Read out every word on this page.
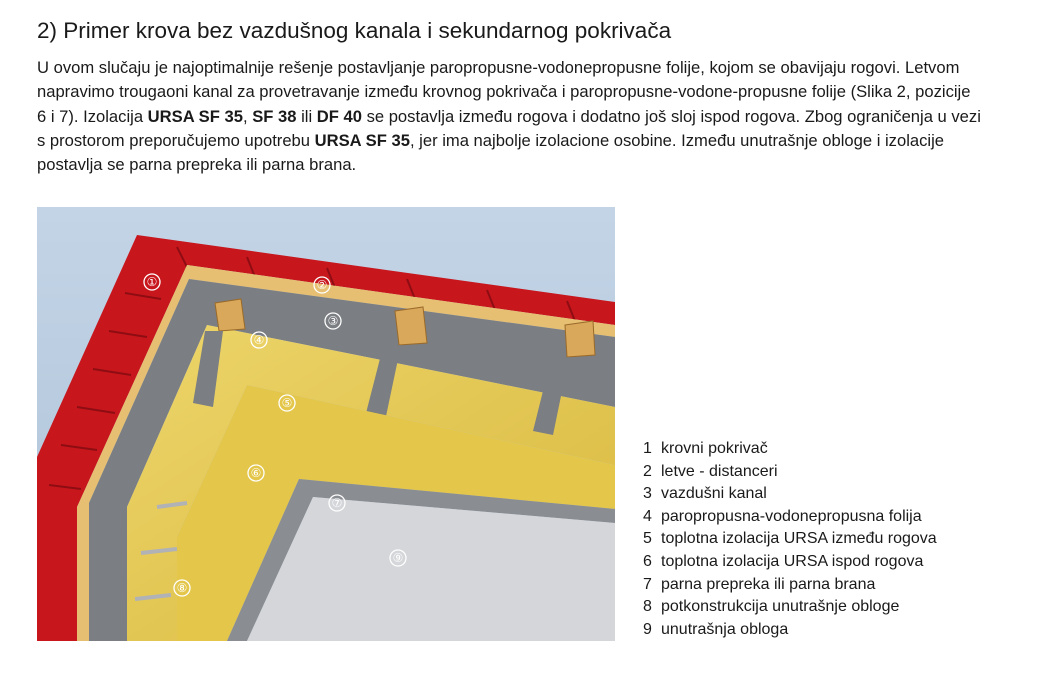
2) Primer krova bez vazdušnog kanala i sekundarnog pokrivača

U ovom slučaju je najoptimalnije rešenje postavljanje paropropusne-vodonepropusne folije, kojom se obavijaju rogovi. Letvom napravimo trougaoni kanal za provetravanje između krovnog pokrivača i paropropusne-vodone-propusne folije (Slika 2, pozicije 6 i 7). Izolacija URSA SF 35, SF 38 ili DF 40 se postavlja između rogova i dodatno još sloj ispod rogova. Zbog ograničenja u vezi s prostorom preporučujemo upotrebu URSA SF 35, jer ima najbolje izolacione osobine. Između unutrašnje obloge i izolacije postavlja se parna prepreka ili parna brana.

①	②
③
④
⑤
⑥
⑦
⑧
⑨
1 krovni pokrivač
2 letve - distanceri
3 vazdušni kanal
4 paropropusna-vodonepropusna folija
5 toplotna izolacija URSA između rogova
6 toplotna izolacija URSA ispod rogova
7 parna prepreka ili parna brana
8 potkonstrukcija unutrašnje obloge
9 unutrašnja obloga
